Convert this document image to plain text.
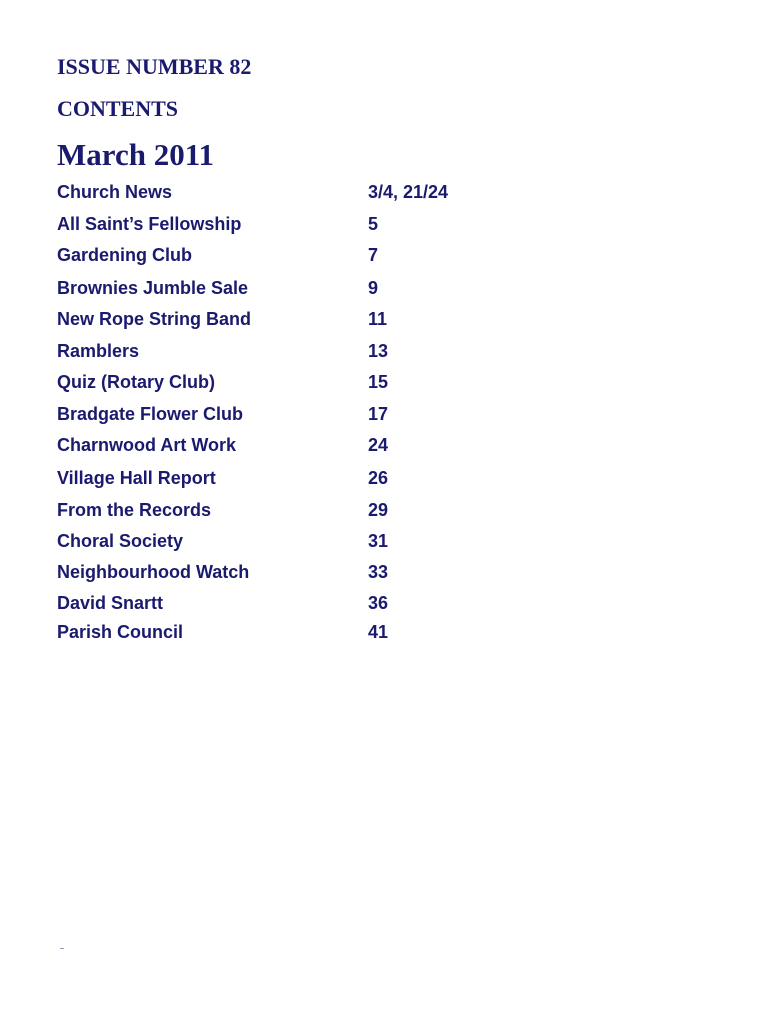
ISSUE NUMBER 82
CONTENTS
March 2011
Church News	3/4, 21/24
All Saint’s Fellowship	5
Gardening Club	7
Brownies Jumble Sale	9
New Rope String Band	11
Ramblers	13
Quiz (Rotary Club)	15
Bradgate Flower Club	17
Charnwood Art Work	24
Village Hall Report	26
From the Records	29
Choral Society	31
Neighbourhood Watch	33
David Snartt	36
Parish Council	41
